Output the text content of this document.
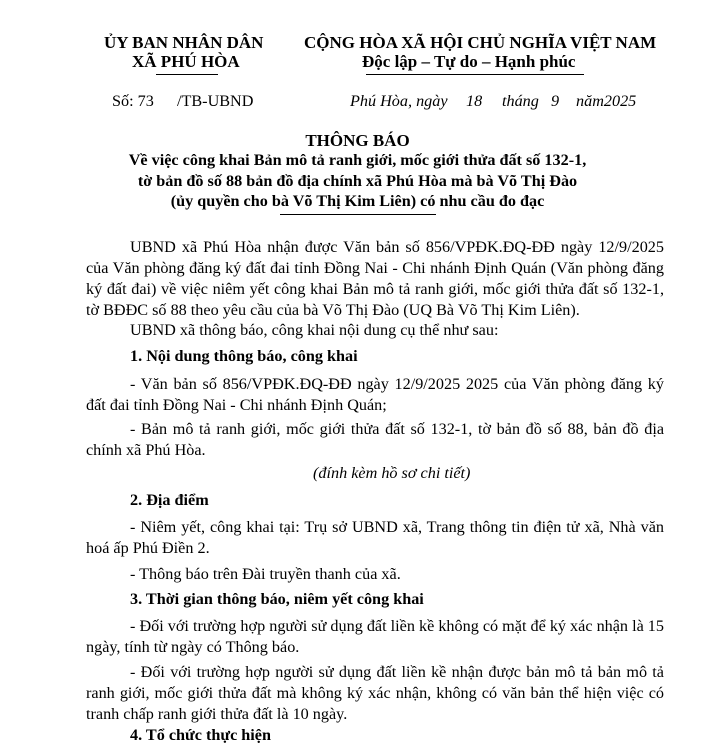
ỦY BAN NHÂN DÂN
XÃ PHÚ HÒA
CỘNG HÒA XÃ HỘI CHỦ NGHĨA VIỆT NAM
Độc lập – Tự do – Hạnh phúc
Số: 73 /TB-UBND	Phú Hòa, ngày 18 tháng 9 năm2025
THÔNG BÁO
Về việc công khai Bản mô tả ranh giới, mốc giới thửa đất số 132-1,
tờ bản đồ số 88 bản đồ địa chính xã Phú Hòa mà bà Võ Thị Đào
(ủy quyền cho bà Võ Thị Kim Liên) có nhu cầu đo đạc
UBND xã Phú Hòa nhận được Văn bản số 856/VPĐK.ĐQ-ĐĐ ngày 12/9/2025 của Văn phòng đăng ký đất đai tỉnh Đồng Nai - Chi nhánh Định Quán (Văn phòng đăng ký đất đai) về việc niêm yết công khai Bản mô tả ranh giới, mốc giới thửa đất số 132-1, tờ BĐĐC số 88 theo yêu cầu của bà Võ Thị Đào (UQ Bà Võ Thị Kim Liên).
UBND xã thông báo, công khai nội dung cụ thể như sau:
1. Nội dung thông báo, công khai
- Văn bản số 856/VPĐK.ĐQ-ĐĐ ngày 12/9/2025 2025 của Văn phòng đăng ký đất đai tỉnh Đồng Nai - Chi nhánh Định Quán;
- Bản mô tả ranh giới, mốc giới thửa đất số 132-1, tờ bản đồ số 88, bản đồ địa chính xã Phú Hòa.
(đính kèm hồ sơ chi tiết)
2. Địa điểm
- Niêm yết, công khai tại: Trụ sở UBND xã, Trang thông tin điện tử xã, Nhà văn hoá ấp Phú Điền 2.
- Thông báo trên Đài truyền thanh của xã.
3. Thời gian thông báo, niêm yết công khai
- Đối với trường hợp người sử dụng đất liền kề không có mặt để ký xác nhận là 15 ngày, tính từ ngày có Thông báo.
- Đối với trường hợp người sử dụng đất liền kề nhận được bản mô tả bản mô tả ranh giới, mốc giới thửa đất mà không ký xác nhận, không có văn bản thể hiện việc có tranh chấp ranh giới thửa đất là 10 ngày.
4. Tổ chức thực hiện
